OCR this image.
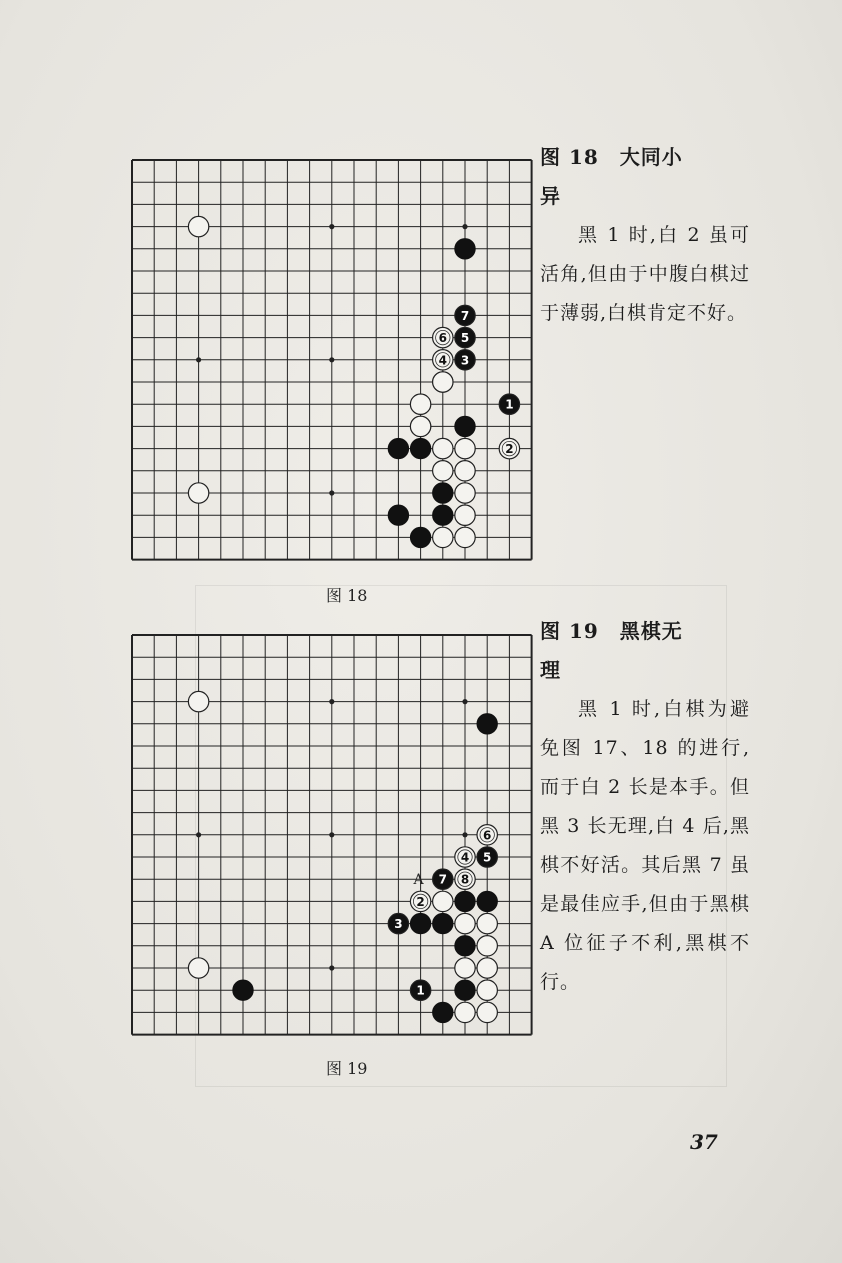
1
2
3
4
5
6
7
图 18
图 18　大同小
异
黑 1 时,白 2 虽可活角,但由于中腹白棋过于薄弱,白棋肯定不好。
1
2
3
4 5
6
7 8
A
图 19
图 19　黑棋无
理
黑 1 时,白棋为避免图 17、18 的进行,而于白 2 长是本手。但黑 3 长无理,白 4 后,黑棋不好活。其后黑 7 虽是最佳应手,但由于黑棋 A 位征子不利,黑棋不行。
37
